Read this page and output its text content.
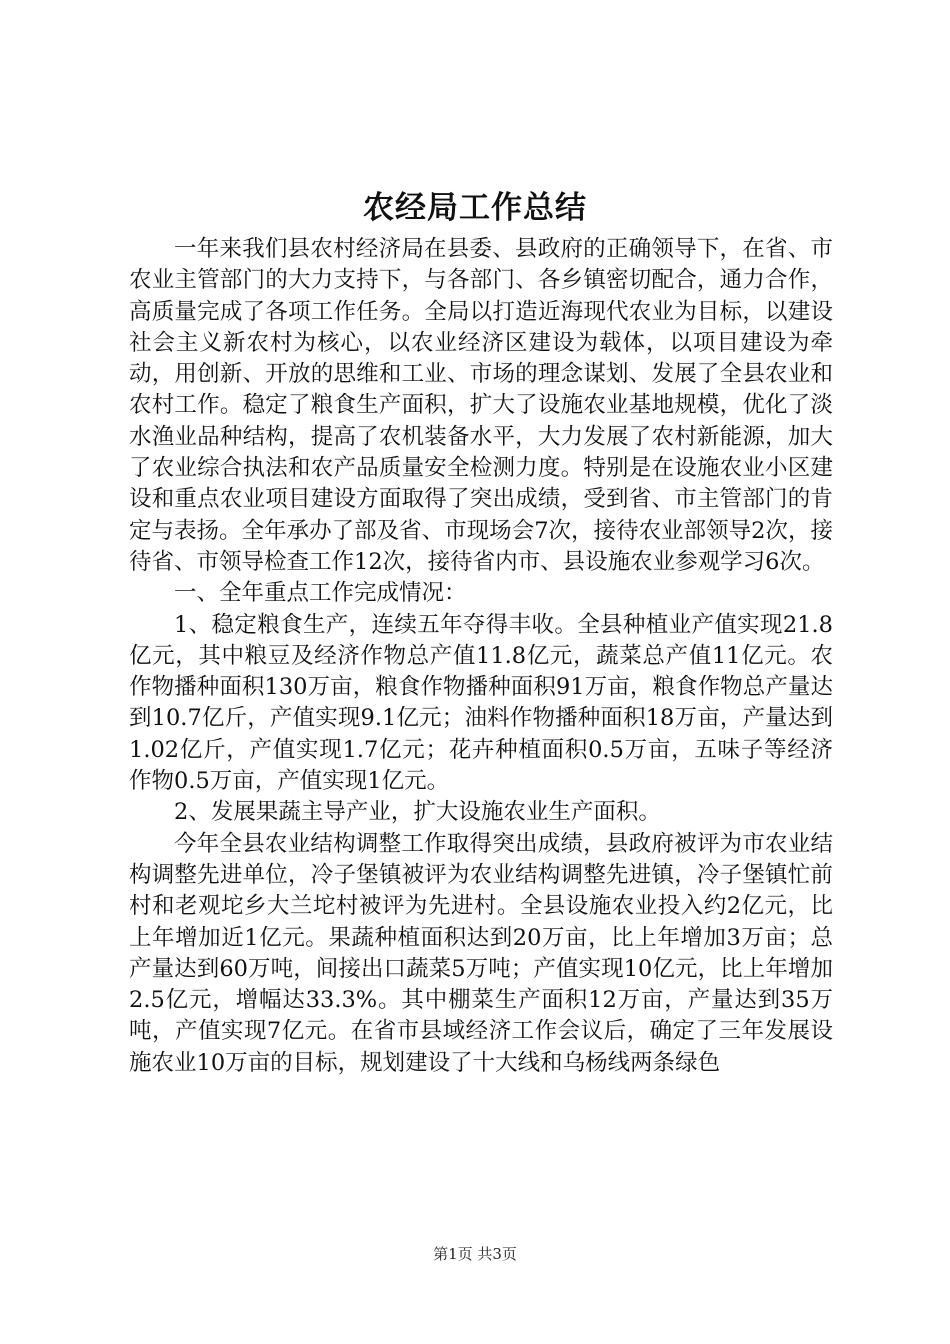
农经局工作总结

一年来我们县农村经济局在县委、县政府的正确领导下，在省、市农业主管部门的大力支持下，与各部门、各乡镇密切配合，通力合作，高质量完成了各项工作任务。全局以打造近海现代农业为目标，以建设社会主义新农村为核心，以农业经济区建设为载体，以项目建设为牵动，用创新、开放的思维和工业、市场的理念谋划、发展了全县农业和农村工作。稳定了粮食生产面积，扩大了设施农业基地规模，优化了淡水渔业品种结构，提高了农机装备水平，大力发展了农村新能源，加大了农业综合执法和农产品质量安全检测力度。特别是在设施农业小区建设和重点农业项目建设方面取得了突出成绩，受到省、市主管部门的肯定与表扬。全年承办了部及省、市现场会7次，接待农业部领导2次，接待省、市领导检查工作12次，接待省内市、县设施农业参观学习6次。

一、全年重点工作完成情况：

1、稳定粮食生产，连续五年夺得丰收。全县种植业产值实现21.8亿元，其中粮豆及经济作物总产值11.8亿元，蔬菜总产值11亿元。农作物播种面积130万亩，粮食作物播种面积91万亩，粮食作物总产量达到10.7亿斤，产值实现9.1亿元；油料作物播种面积18万亩，产量达到1.02亿斤，产值实现1.7亿元；花卉种植面积0.5万亩，五味子等经济作物0.5万亩，产值实现1亿元。

2、发展果蔬主导产业，扩大设施农业生产面积。

今年全县农业结构调整工作取得突出成绩，县政府被评为市农业结构调整先进单位，冷子堡镇被评为农业结构调整先进镇，冷子堡镇忙前村和老观坨乡大兰坨村被评为先进村。全县设施农业投入约2亿元，比上年增加近1亿元。果蔬种植面积达到20万亩，比上年增加3万亩；总产量达到60万吨，间接出口蔬菜5万吨；产值实现10亿元，比上年增加2.5亿元，增幅达33.3%。其中棚菜生产面积12万亩，产量达到35万吨，产值实现7亿元。在省市县域经济工作会议后，确定了三年发展设施农业10万亩的目标，规划建设了十大线和乌杨线两条绿色

第1页 共3页
